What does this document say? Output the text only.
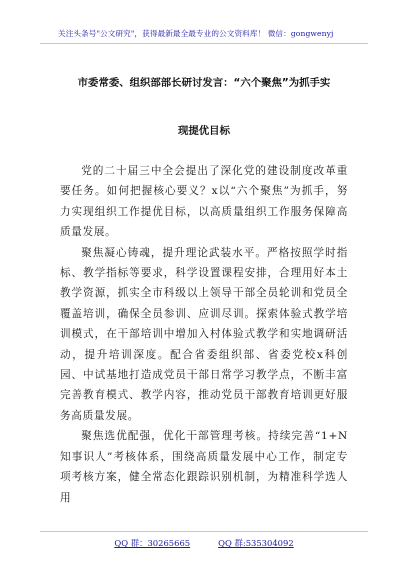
关注头条号"公文研究"，获得最新最全最专业的公文资料库！ 微信：gongwenyj
市委常委、组织部部长研讨发言：“六个聚焦”为抓手实
现提优目标

党的二十届三中全会提出了深化党的建设制度改革重要任务。如何把握核心要义？x以“六个聚焦”为抓手，努力实现组织工作提优目标，以高质量组织工作服务保障高质量发展。

聚焦凝心铸魂，提升理论武装水平。严格按照学时指标、教学指标等要求，科学设置课程安排，合理用好本土教学资源，抓实全市科级以上领导干部全员轮训和党员全覆盖培训，确保全员参训、应训尽训。探索体验式教学培训模式，在干部培训中增加入村体验式教学和实地调研活动，提升培训深度。配合省委组织部、省委党校x科创园、中试基地打造成党员干部日常学习教学点，不断丰富完善教育模式、教学内容，推动党员干部教育培训更好服务高质量发展。

聚焦选优配强，优化干部管理考核。持续完善“1+N知事识人”考核体系，围绕高质量发展中心工作，制定专项考核方案，健全常态化跟踪识别机制，为精准科学选人用

QQ 群：30265665	QQ 群:535304092
